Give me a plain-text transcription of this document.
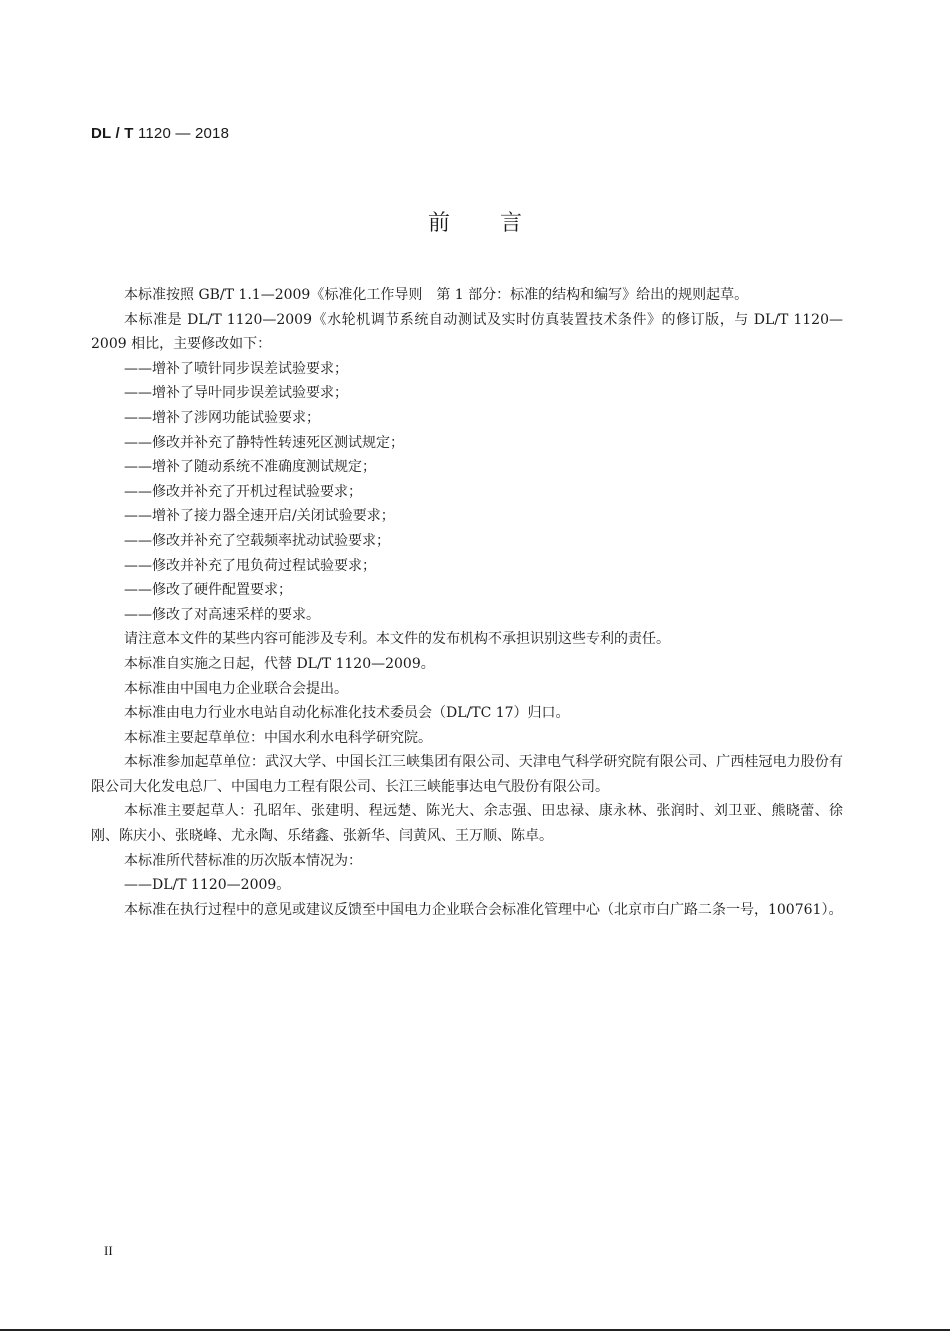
DL / T 1120 — 2018
前言

本标准按照 GB/T 1.1—2009《标准化工作导则　第 1 部分：标准的结构和编写》给出的规则起草。

本标准是 DL/T 1120—2009《水轮机调节系统自动测试及实时仿真装置技术条件》的修订版，与 DL/T 1120—2009 相比，主要修改如下：

——增补了喷针同步误差试验要求；

——增补了导叶同步误差试验要求；

——增补了涉网功能试验要求；

——修改并补充了静特性转速死区测试规定；

——增补了随动系统不准确度测试规定；

——修改并补充了开机过程试验要求；

——增补了接力器全速开启/关闭试验要求；

——修改并补充了空载频率扰动试验要求；

——修改并补充了甩负荷过程试验要求；

——修改了硬件配置要求；

——修改了对高速采样的要求。

请注意本文件的某些内容可能涉及专利。本文件的发布机构不承担识别这些专利的责任。

本标准自实施之日起，代替 DL/T 1120—2009。

本标准由中国电力企业联合会提出。

本标准由电力行业水电站自动化标准化技术委员会（DL/TC 17）归口。

本标准主要起草单位：中国水利水电科学研究院。

本标准参加起草单位：武汉大学、中国长江三峡集团有限公司、天津电气科学研究院有限公司、广西桂冠电力股份有限公司大化发电总厂、中国电力工程有限公司、长江三峡能事达电气股份有限公司。

本标准主要起草人：孔昭年、张建明、程远楚、陈光大、余志强、田忠禄、康永林、张润时、刘卫亚、熊晓蕾、徐刚、陈庆小、张晓峰、尤永陶、乐绪鑫、张新华、闫黄风、王万顺、陈卓。

本标准所代替标准的历次版本情况为：

——DL/T 1120—2009。

本标准在执行过程中的意见或建议反馈至中国电力企业联合会标准化管理中心（北京市白广路二条一号，100761）。

II
